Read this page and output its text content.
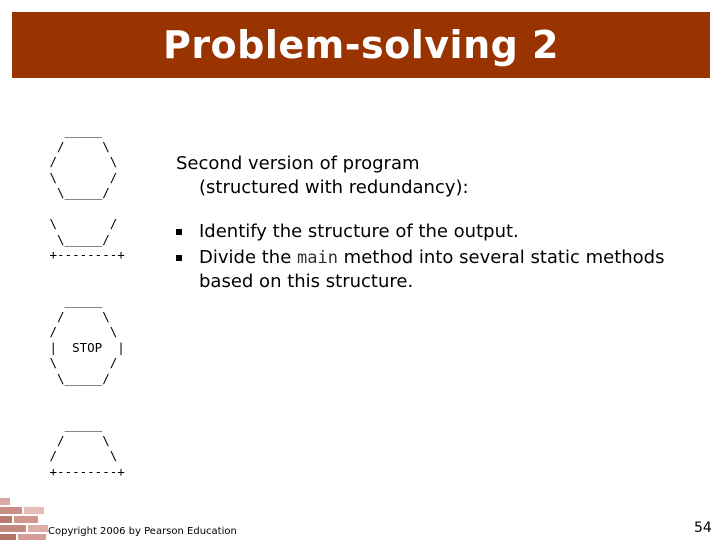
Problem-solving 2
_____
/     \
/       \
\       /
\_____/

\       /
\_____/
+--------+
_____
/     \
/       \
|  STOP  |
\       /
\_____/
_____
/     \
/       \
+--------+

Second version of program

(structured with redundancy):

Identify the structure of the output.
Divide the main method into several static methods based on this structure.
Copyright 2006 by Pearson Education	54
